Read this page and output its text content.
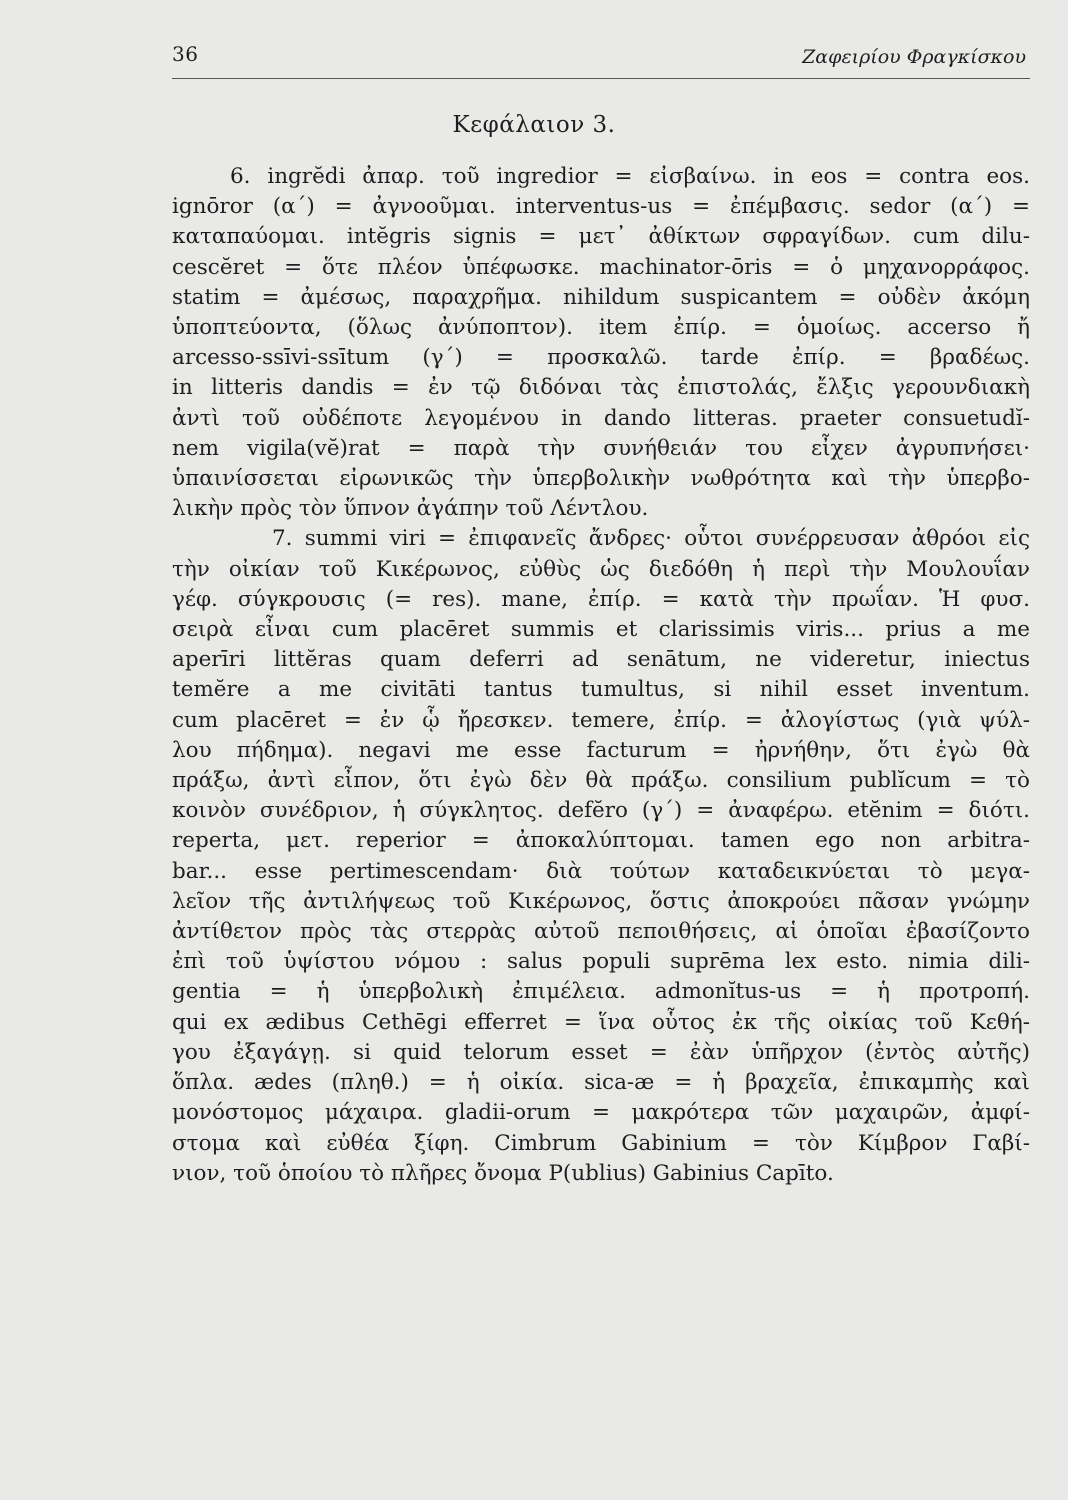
36	Ζαφειρίου Φραγκίσκου
Κεφάλαιον 3.
6. ingrĕdi ἀπαρ. τοῦ ingredior = εἰσβαίνω. in eos = contra eos.
ignōror (α΄) = ἀγνοοῦμαι. interventus-us = ἐπέμβασις. sedor (α΄) =
καταπαύομαι. intĕgris signis = μετ᾽ ἀθίκτων σφραγίδων. cum dilu-
cescĕret = ὅτε πλέον ὑπέφωσκε. machinator-ōris = ὁ μηχανορράφος.
statim = ἀμέσως, παραχρῆμα. nihildum suspicantem = οὐδὲν ἀκόμη
ὑποπτεύοντα, (ὅλως ἀνύποπτον). item ἐπίρ. = ὁμοίως. accerso ἤ
arcesso-ssīvi-ssītum (γ΄) = προσκαλῶ. tarde ἐπίρ. = βραδέως.
in litteris dandis = ἐν τῷ διδόναι τὰς ἐπιστολάς, ἔλξις γερουνδιακὴ
ἀντὶ τοῦ οὐδέποτε λεγομένου in dando litteras. praeter consuetudĭ-
nem vigila(vĕ)rat = παρὰ τὴν συνήθειάν του εἶχεν ἀγρυπνήσει·
ὑπαινίσσεται εἰρωνικῶς τὴν ὑπερβολικὴν νωθρότητα καὶ τὴν ὑπερβο-
λικὴν πρὸς τὸν ὕπνον ἀγάπην τοῦ Λέντλου.
7. summi viri = ἐπιφανεῖς ἄνδρες· οὗτοι συνέρρευσαν ἀθρόοι εἰς
τὴν οἰκίαν τοῦ Κικέρωνος, εὐθὺς ὡς διεδόθη ἡ περὶ τὴν Μουλουΐαν
γέφ. σύγκρουσις (= res). mane, ἐπίρ. = κατὰ τὴν πρωΐαν. Ἡ φυσ.
σειρὰ εἶναι cum placēret summis et clarissimis viris... prius a me
aperīri littĕras quam deferri ad senātum, ne videretur, iniectus
temĕre a me civitāti tantus tumultus, si nihil esset inventum.
cum placēret = ἐν ᾧ ἤρεσκεν. temere, ἐπίρ. = ἀλογίστως (γιὰ ψύλ-
λου πήδημα). negavi me esse facturum = ἠρνήθην, ὅτι ἐγὼ θὰ
πράξω, ἀντὶ εἶπον, ὅτι ἐγὼ δὲν θὰ πράξω. consilium publĭcum = τὸ
κοινὸν συνέδριον, ἡ σύγκλητος. defĕro (γ΄) = ἀναφέρω. etĕnim = διότι.
reperta, μετ. reperior = ἀποκαλύπτομαι. tamen ego non arbitra-
bar... esse pertimescendam· διὰ τούτων καταδεικνύεται τὸ μεγα-
λεῖον τῆς ἀντιλήψεως τοῦ Κικέρωνος, ὅστις ἀποκρούει πᾶσαν γνώμην
ἀντίθετον πρὸς τὰς στερρὰς αὐτοῦ πεποιθήσεις, αἱ ὁποῖαι ἐβασίζοντο
ἐπὶ τοῦ ὑψίστου νόμου : salus populi suprēma lex esto. nimia dili-
gentia = ἡ ὑπερβολικὴ ἐπιμέλεια. admonĭtus-us = ἡ προτροπή.
qui ex ædibus Cethēgi efferret = ἵνα οὗτος ἐκ τῆς οἰκίας τοῦ Κεθή-
γου ἐξαγάγῃ. si quid telorum esset = ἐὰν ὑπῆρχον (ἐντὸς αὐτῆς)
ὅπλα. ædes (πληθ.) = ἡ οἰκία. sica-æ = ἡ βραχεῖα, ἐπικαμπὴς καὶ
μονόστομος μάχαιρα. gladii-orum = μακρότερα τῶν μαχαιρῶν, ἀμφί-
στομα καὶ εὐθέα ξίφη. Cimbrum Gabinium = τὸν Κίμβρον Γαβί-
νιον, τοῦ ὁποίου τὸ πλῆρες ὄνομα P(ublius) Gabinius Capīto.
